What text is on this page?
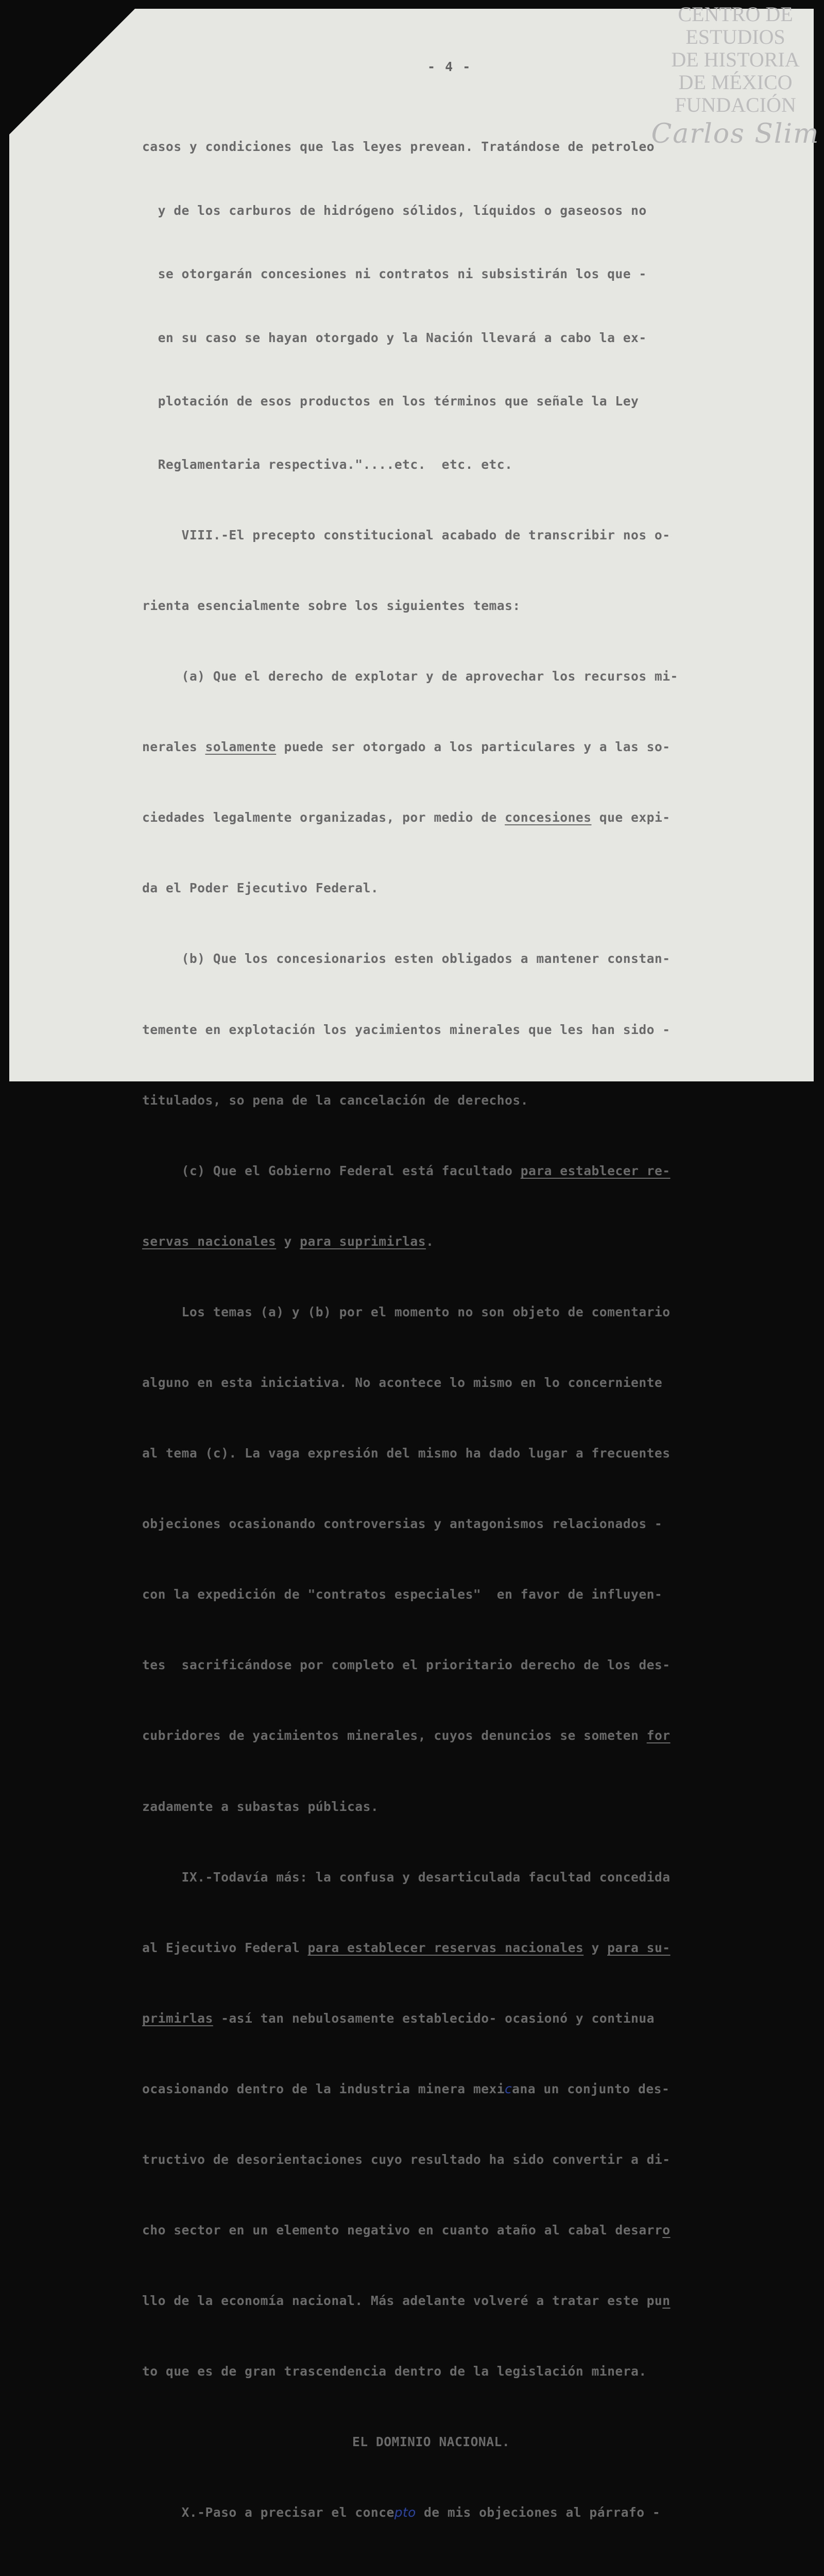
CENTRO DE
ESTUDIOS
DE HISTORIA
DE MÉXICO
FUNDACIÓN
Carlos Slim
- 4 -

casos y condiciones que las leyes prevean. Tratándose de petroleo

y de los carburos de hidrógeno sólidos, líquidos o gaseosos no

se otorgarán concesiones ni contratos ni subsistirán los que -

en su caso se hayan otorgado y la Nación llevará a cabo la ex-

plotación de esos productos en los términos que señale la Ley

Reglamentaria respectiva."....etc.  etc. etc.

VIII.-El precepto constitucional acabado de transcribir nos o-

rienta esencialmente sobre los siguientes temas:

(a) Que el derecho de explotar y de aprovechar los recursos mi-

nerales solamente puede ser otorgado a los particulares y a las so-

ciedades legalmente organizadas, por medio de concesiones que expi-

da el Poder Ejecutivo Federal.

(b) Que los concesionarios esten obligados a mantener constan-

temente en explotación los yacimientos minerales que les han sido -

titulados, so pena de la cancelación de derechos.

(c) Que el Gobierno Federal está facultado para establecer re-

servas nacionales y para suprimirlas.

Los temas (a) y (b) por el momento no son objeto de comentario

alguno en esta iniciativa. No acontece lo mismo en lo concerniente

al tema (c). La vaga expresión del mismo ha dado lugar a frecuentes

objeciones ocasionando controversias y antagonismos relacionados -

con la expedición de "contratos especiales"  en favor de influyen-

tes  sacrificándose por completo el prioritario derecho de los des-

cubridores de yacimientos minerales, cuyos denuncios se someten for

zadamente a subastas públicas.

IX.-Todavía más: la confusa y desarticulada facultad concedida

al Ejecutivo Federal para establecer reservas nacionales y para su-

primirlas -así tan nebulosamente establecido- ocasionó y continua

ocasionando dentro de la industria minera mexicana un conjunto des-

tructivo de desorientaciones cuyo resultado ha sido convertir a di-

cho sector en un elemento negativo en cuanto ataño al cabal desarro

llo de la economía nacional. Más adelante volveré a tratar este pun

to que es de gran trascendencia dentro de la legislación minera.

EL DOMINIO NACIONAL.

X.-Paso a precisar el concepto de mis objeciones al párrafo -
